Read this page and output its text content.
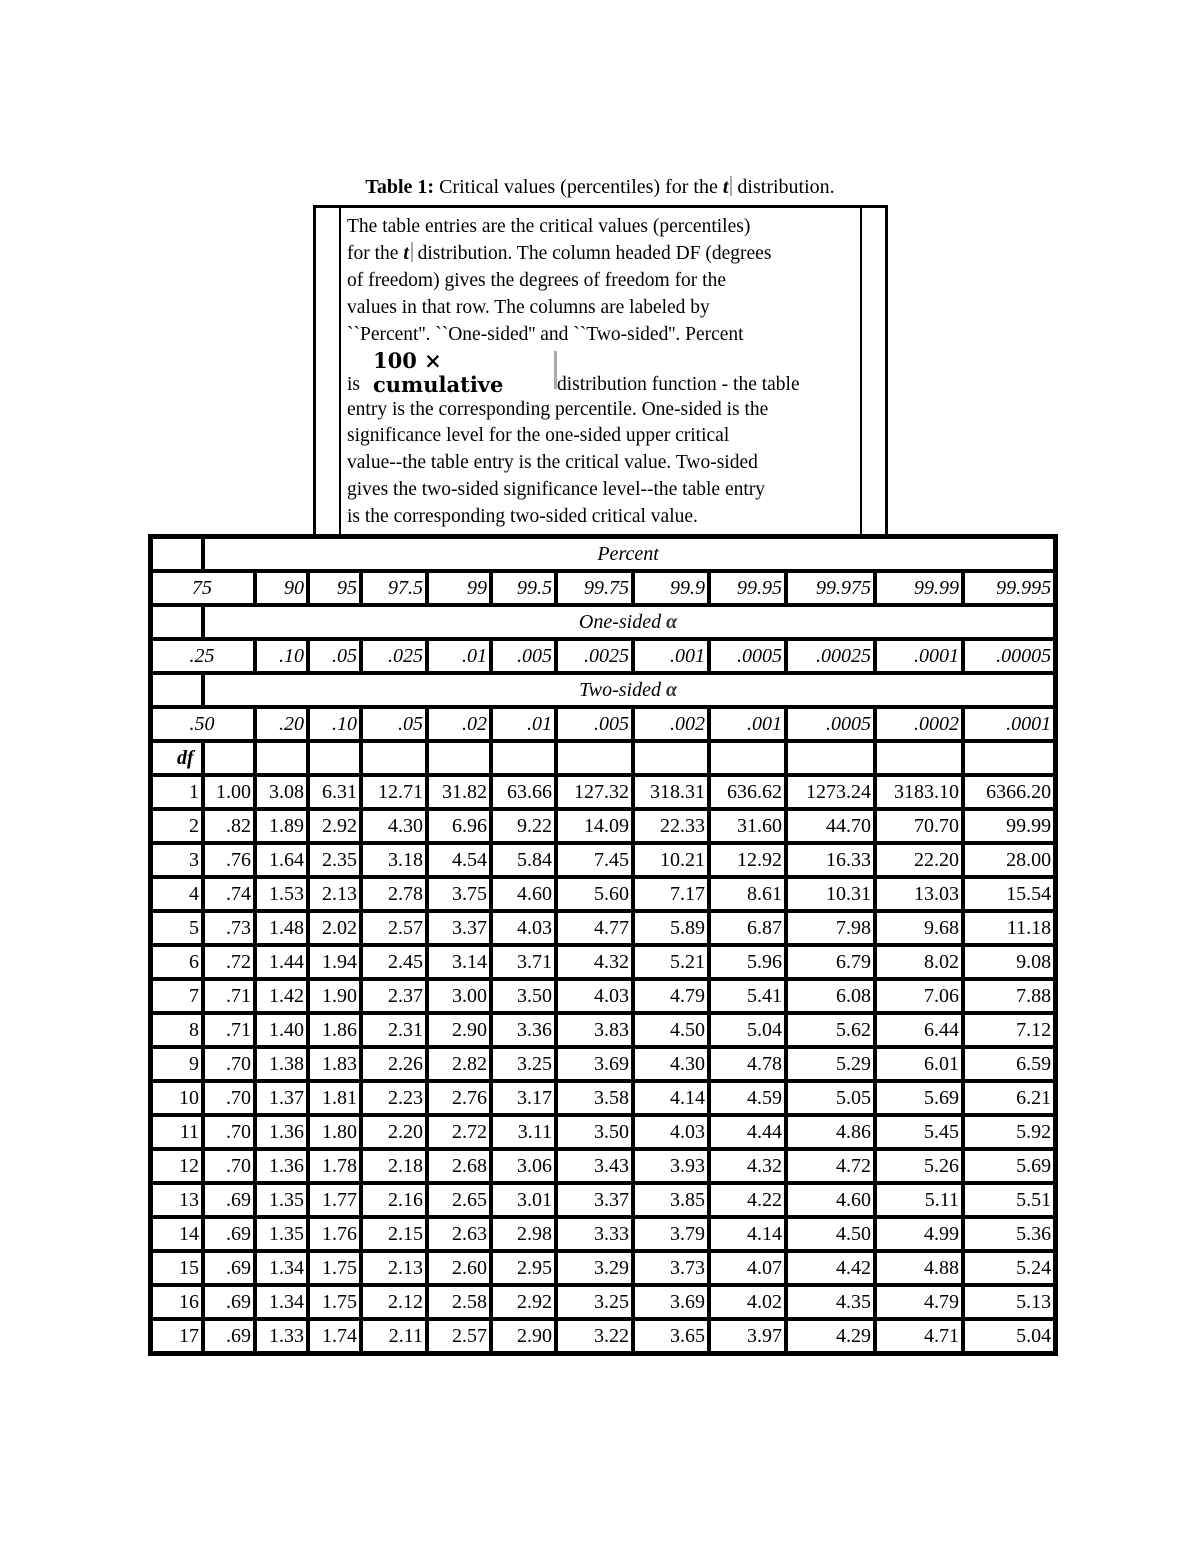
Table 1: Critical values (percentiles) for the t distribution.
The table entries are the critical values (percentiles)
for the t distribution. The column headed DF (degrees
of freedom) gives the degrees of freedom for the
values in that row. The columns are labeled by
``Percent''. ``One-sided'' and ``Two-sided''. Percent
is
100 × cumulative	distribution function - the table
entry is the corresponding percentile. One-sided is the
significance level for the one-sided upper critical
value--the table entry is the critical value. Two-sided
gives the two-sided significance level--the table entry
is the corresponding two-sided critical value.
	Percent											
75		90	95	97.5	99	99.5	99.75	99.9	99.95	99.975	99.99	99.995
	One-sided α											
.25		.10	.05	.025	.01	.005	.0025	.001	.0005	.00025	.0001	.00005
	Two-sided α											
.50		.20	.10	.05	.02	.01	.005	.002	.001	.0005	.0002	.0001
df												
1	1.00	3.08	6.31	12.71	31.82	63.66	127.32	318.31	636.62	1273.24	3183.10	6366.20
2	.82	1.89	2.92	4.30	6.96	9.22	14.09	22.33	31.60	44.70	70.70	99.99
3	.76	1.64	2.35	3.18	4.54	5.84	7.45	10.21	12.92	16.33	22.20	28.00
4	.74	1.53	2.13	2.78	3.75	4.60	5.60	7.17	8.61	10.31	13.03	15.54
5	.73	1.48	2.02	2.57	3.37	4.03	4.77	5.89	6.87	7.98	9.68	11.18
6	.72	1.44	1.94	2.45	3.14	3.71	4.32	5.21	5.96	6.79	8.02	9.08
7	.71	1.42	1.90	2.37	3.00	3.50	4.03	4.79	5.41	6.08	7.06	7.88
8	.71	1.40	1.86	2.31	2.90	3.36	3.83	4.50	5.04	5.62	6.44	7.12
9	.70	1.38	1.83	2.26	2.82	3.25	3.69	4.30	4.78	5.29	6.01	6.59
10	.70	1.37	1.81	2.23	2.76	3.17	3.58	4.14	4.59	5.05	5.69	6.21
11	.70	1.36	1.80	2.20	2.72	3.11	3.50	4.03	4.44	4.86	5.45	5.92
12	.70	1.36	1.78	2.18	2.68	3.06	3.43	3.93	4.32	4.72	5.26	5.69
13	.69	1.35	1.77	2.16	2.65	3.01	3.37	3.85	4.22	4.60	5.11	5.51
14	.69	1.35	1.76	2.15	2.63	2.98	3.33	3.79	4.14	4.50	4.99	5.36
15	.69	1.34	1.75	2.13	2.60	2.95	3.29	3.73	4.07	4.42	4.88	5.24
16	.69	1.34	1.75	2.12	2.58	2.92	3.25	3.69	4.02	4.35	4.79	5.13
17	.69	1.33	1.74	2.11	2.57	2.90	3.22	3.65	3.97	4.29	4.71	5.04
